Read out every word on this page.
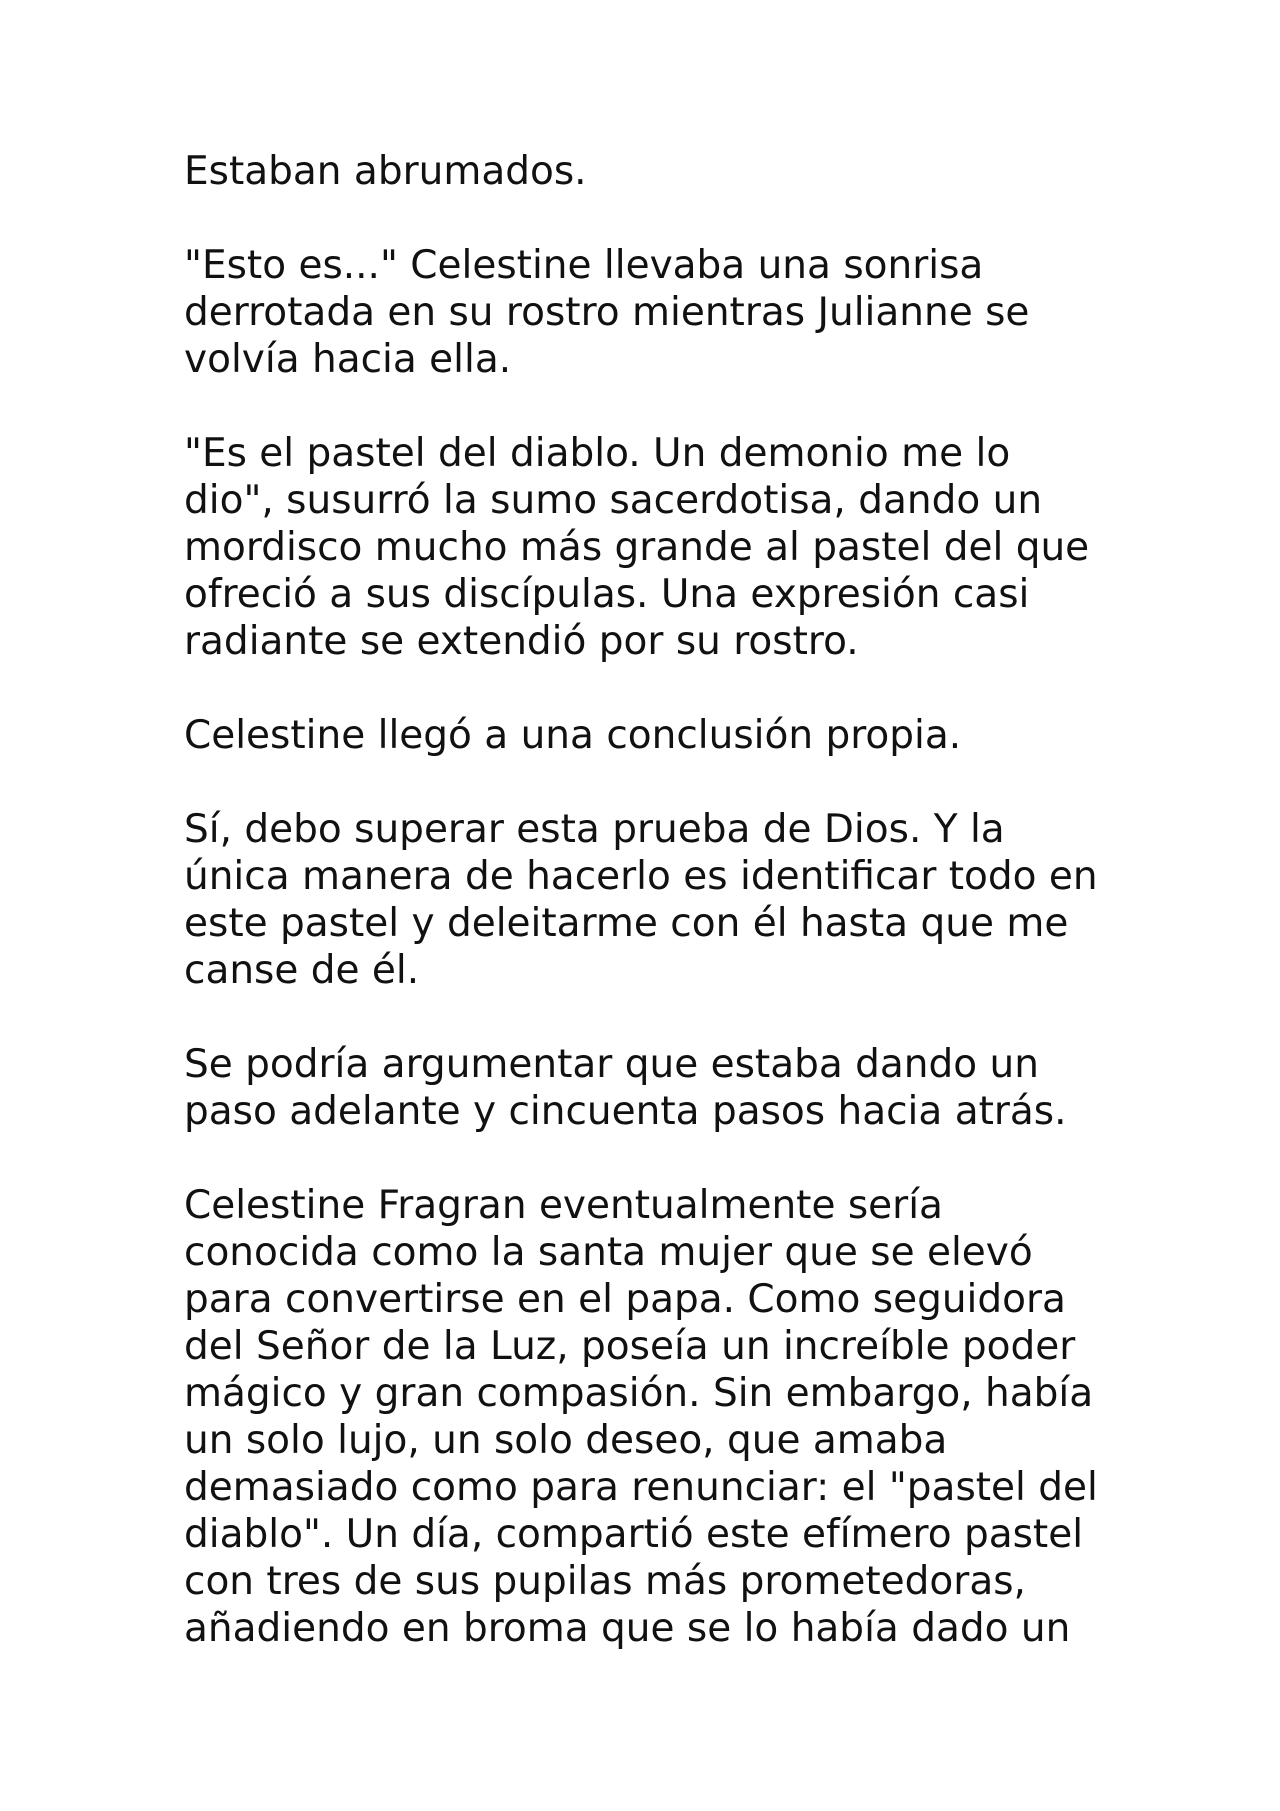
Estaban abrumados.
"Esto es..." Celestine llevaba una sonrisa
derrotada en su rostro mientras Julianne se
volvía hacia ella.
"Es el pastel del diablo. Un demonio me lo
dio", susurró la sumo sacerdotisa, dando un
mordisco mucho más grande al pastel del que
ofreció a sus discípulas. Una expresión casi
radiante se extendió por su rostro.
Celestine llegó a una conclusión propia.
Sí, debo superar esta prueba de Dios. Y la
única manera de hacerlo es identificar todo en
este pastel y deleitarme con él hasta que me
canse de él.
Se podría argumentar que estaba dando un
paso adelante y cincuenta pasos hacia atrás.
Celestine Fragran eventualmente sería
conocida como la santa mujer que se elevó
para convertirse en el papa. Como seguidora
del Señor de la Luz, poseía un increíble poder
mágico y gran compasión. Sin embargo, había
un solo lujo, un solo deseo, que amaba
demasiado como para renunciar: el "pastel del
diablo". Un día, compartió este efímero pastel
con tres de sus pupilas más prometedoras,
añadiendo en broma que se lo había dado un
